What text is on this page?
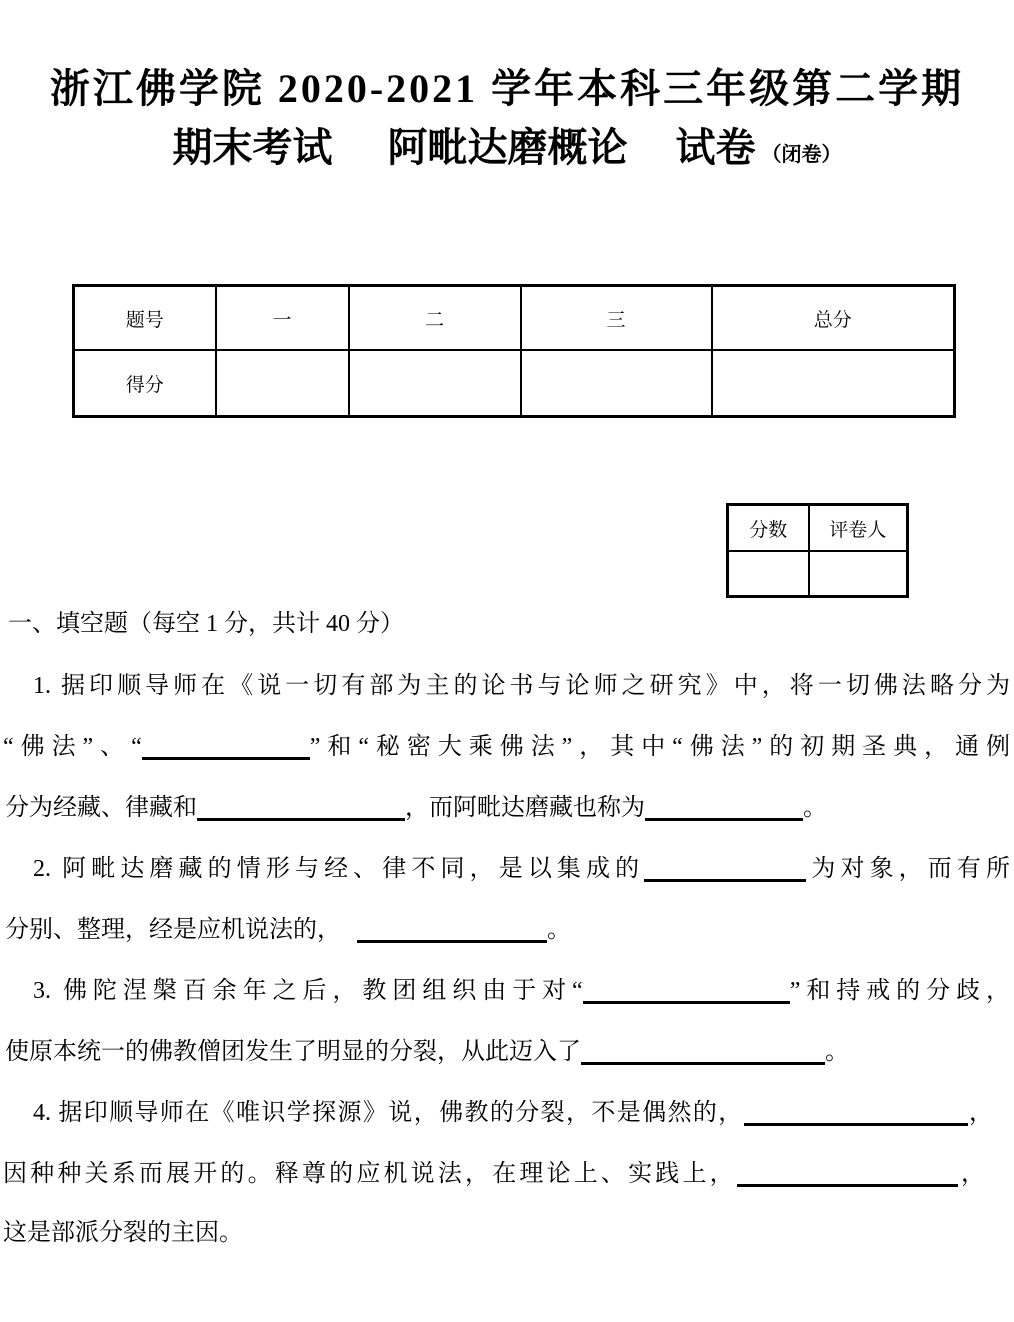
浙江佛学院 2020-2021 学年本科三年级第二学期
期末考试 阿毗达磨概论 试卷 （闭卷）
题号	一	二	三	总分
得分				
分数	评卷人

一、填空题（每空 1 分，共计 40 分）
1. 据印顺导师在《说一切有部为主的论书与论师之研究》中，将一切佛法略分为
“佛法”、“	”和“秘密大乘佛法”，其中“佛法”的初期圣典，通例
分为经藏、律藏和	，而阿毗达磨藏也称为	。
2. 阿毗达磨藏的情形与经、律不同，是以集成的	为对象，而有所
分别、整理，经是应机说法的，	。
3. 佛陀涅槃百余年之后，教团组织由于对“	”和持戒的分歧，
使原本统一的佛教僧团发生了明显的分裂，从此迈入了	。
4. 据印顺导师在《唯识学探源》说，佛教的分裂，不是偶然的，	，
因种种关系而展开的。释尊的应机说法，在理论上、实践上，	，
这是部派分裂的主因。
